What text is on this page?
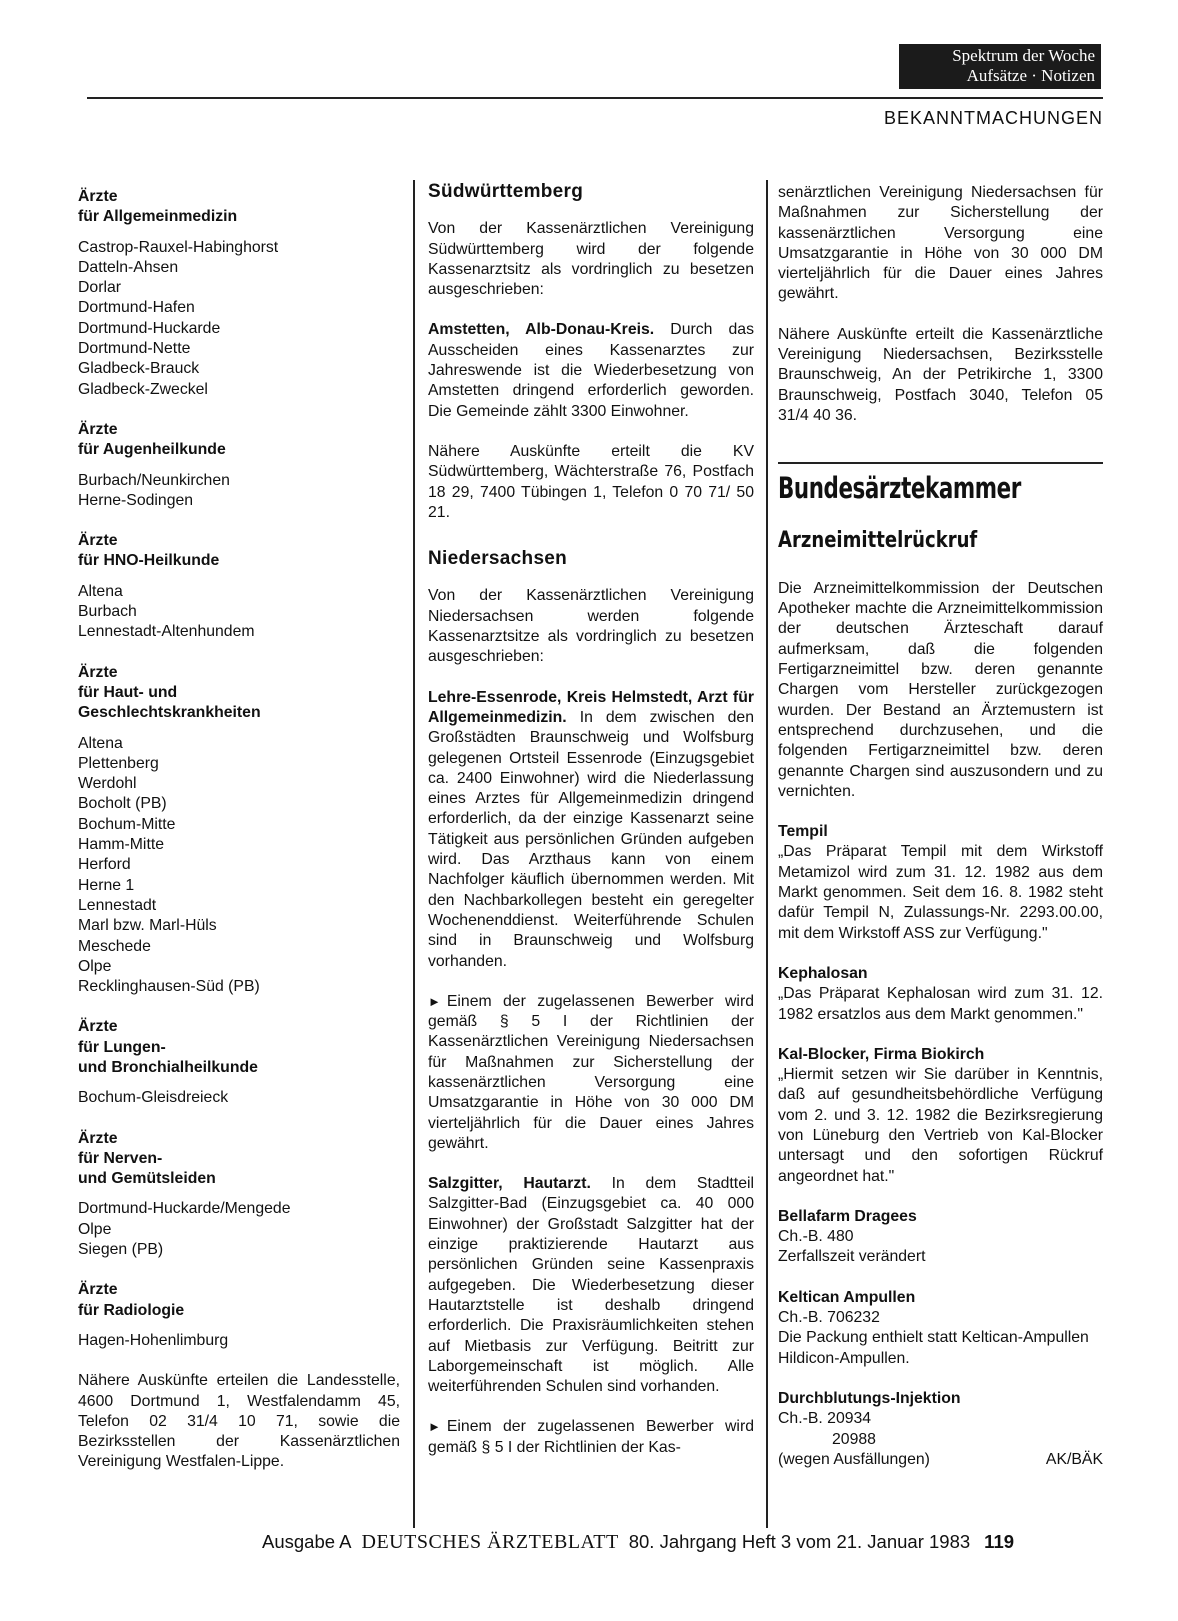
Spektrum der Woche
Aufsätze · Notizen
BEKANNTMACHUNGEN
Ärzte
für Allgemeinmedizin
Castrop-Rauxel-Habinghorst
Datteln-Ahsen
Dorlar
Dortmund-Hafen
Dortmund-Huckarde
Dortmund-Nette
Gladbeck-Brauck
Gladbeck-Zweckel
Ärzte
für Augenheilkunde
Burbach/Neunkirchen
Herne-Sodingen
Ärzte
für HNO-Heilkunde
Altena
Burbach
Lennestadt-Altenhundem
Ärzte
für Haut- und
Geschlechtskrankheiten
Altena
Plettenberg
Werdohl
Bocholt (PB)
Bochum-Mitte
Hamm-Mitte
Herford
Herne 1
Lennestadt
Marl bzw. Marl-Hüls
Meschede
Olpe
Recklinghausen-Süd (PB)
Ärzte
für Lungen-
und Bronchialheilkunde
Bochum-Gleisdreieck
Ärzte
für Nerven-
und Gemütsleiden
Dortmund-Huckarde/Mengede
Olpe
Siegen (PB)
Ärzte
für Radiologie
Hagen-Hohenlimburg

Nähere Auskünfte erteilen die Landesstelle, 4600 Dortmund 1, Westfalendamm 45, Telefon 02 31/4 10 71, sowie die Bezirksstellen der Kassenärztlichen Vereinigung Westfalen-Lippe.

Südwürttemberg

Von der Kassenärztlichen Vereinigung Südwürttemberg wird der folgende Kassenarztsitz als vordringlich zu besetzen ausgeschrieben:

Amstetten, Alb-Donau-Kreis. Durch das Ausscheiden eines Kassenarztes zur Jahreswende ist die Wiederbesetzung von Amstetten dringend erforderlich geworden. Die Gemeinde zählt 3300 Einwohner.

Nähere Auskünfte erteilt die KV Südwürttemberg, Wächterstraße 76, Postfach 18 29, 7400 Tübingen 1, Telefon 0 70 71/ 50 21.

Niedersachsen

Von der Kassenärztlichen Vereinigung Niedersachsen werden folgende Kassenarztsitze als vordringlich zu besetzen ausgeschrieben:

Lehre-Essenrode, Kreis Helmstedt, Arzt für Allgemeinmedizin. In dem zwischen den Großstädten Braunschweig und Wolfsburg gelegenen Ortsteil Essenrode (Einzugsgebiet ca. 2400 Einwohner) wird die Niederlassung eines Arztes für Allgemeinmedizin dringend erforderlich, da der einzige Kassenarzt seine Tätigkeit aus persönlichen Gründen aufgeben wird. Das Arzthaus kann von einem Nachfolger käuflich übernommen werden. Mit den Nachbarkollegen besteht ein geregelter Wochenenddienst. Weiterführende Schulen sind in Braunschweig und Wolfsburg vorhanden.

► Einem der zugelassenen Bewerber wird gemäß § 5 I der Richtlinien der Kassenärztlichen Vereinigung Niedersachsen für Maßnahmen zur Sicherstellung der kassenärztlichen Versorgung eine Umsatzgarantie in Höhe von 30 000 DM vierteljährlich für die Dauer eines Jahres gewährt.

Salzgitter, Hautarzt. In dem Stadtteil Salzgitter-Bad (Einzugsgebiet ca. 40 000 Einwohner) der Großstadt Salzgitter hat der einzige praktizierende Hautarzt aus persönlichen Gründen seine Kassenpraxis aufgegeben. Die Wiederbesetzung dieser Hautarztstelle ist deshalb dringend erforderlich. Die Praxisräumlichkeiten stehen auf Mietbasis zur Verfügung. Beitritt zur Laborgemeinschaft ist möglich. Alle weiterführenden Schulen sind vorhanden.

► Einem der zugelassenen Bewerber wird gemäß § 5 I der Richtlinien der Kas-

senärztlichen Vereinigung Niedersachsen für Maßnahmen zur Sicherstellung der kassenärztlichen Versorgung eine Umsatzgarantie in Höhe von 30 000 DM vierteljährlich für die Dauer eines Jahres gewährt.

Nähere Auskünfte erteilt die Kassenärztliche Vereinigung Niedersachsen, Bezirksstelle Braunschweig, An der Petrikirche 1, 3300 Braunschweig, Postfach 3040, Telefon 05 31/4 40 36.

Bundesärztekammer
Arzneimittelrückruf

Die Arzneimittelkommission der Deutschen Apotheker machte die Arzneimittelkommission der deutschen Ärzteschaft darauf aufmerksam, daß die folgenden Fertigarzneimittel bzw. deren genannte Chargen vom Hersteller zurückgezogen wurden. Der Bestand an Ärztemustern ist entsprechend durchzusehen, und die folgenden Fertigarzneimittel bzw. deren genannte Chargen sind auszusondern und zu vernichten.

Tempil
„Das Präparat Tempil mit dem Wirkstoff Metamizol wird zum 31. 12. 1982 aus dem Markt genommen. Seit dem 16. 8. 1982 steht dafür Tempil N, Zulassungs-Nr. 2293.00.00, mit dem Wirkstoff ASS zur Verfügung."
Kephalosan
„Das Präparat Kephalosan wird zum 31. 12. 1982 ersatzlos aus dem Markt genommen."
Kal-Blocker, Firma Biokirch
„Hiermit setzen wir Sie darüber in Kenntnis, daß auf gesundheitsbehördliche Verfügung vom 2. und 3. 12. 1982 die Bezirksregierung von Lüneburg den Vertrieb von Kal-Blocker untersagt und den sofortigen Rückruf angeordnet hat."
Bellafarm Dragees
Ch.-B. 480
Zerfallszeit verändert
Keltican Ampullen
Ch.-B. 706232
Die Packung enthielt statt Keltican-Ampullen Hildicon-Ampullen.
Durchblutungs-Injektion
Ch.-B. 20934
20988
(wegen Ausfällungen)	AK/BÄK
Ausgabe A DEUTSCHES ÄRZTEBLATT 80. Jahrgang Heft 3 vom 21. Januar 1983 119
